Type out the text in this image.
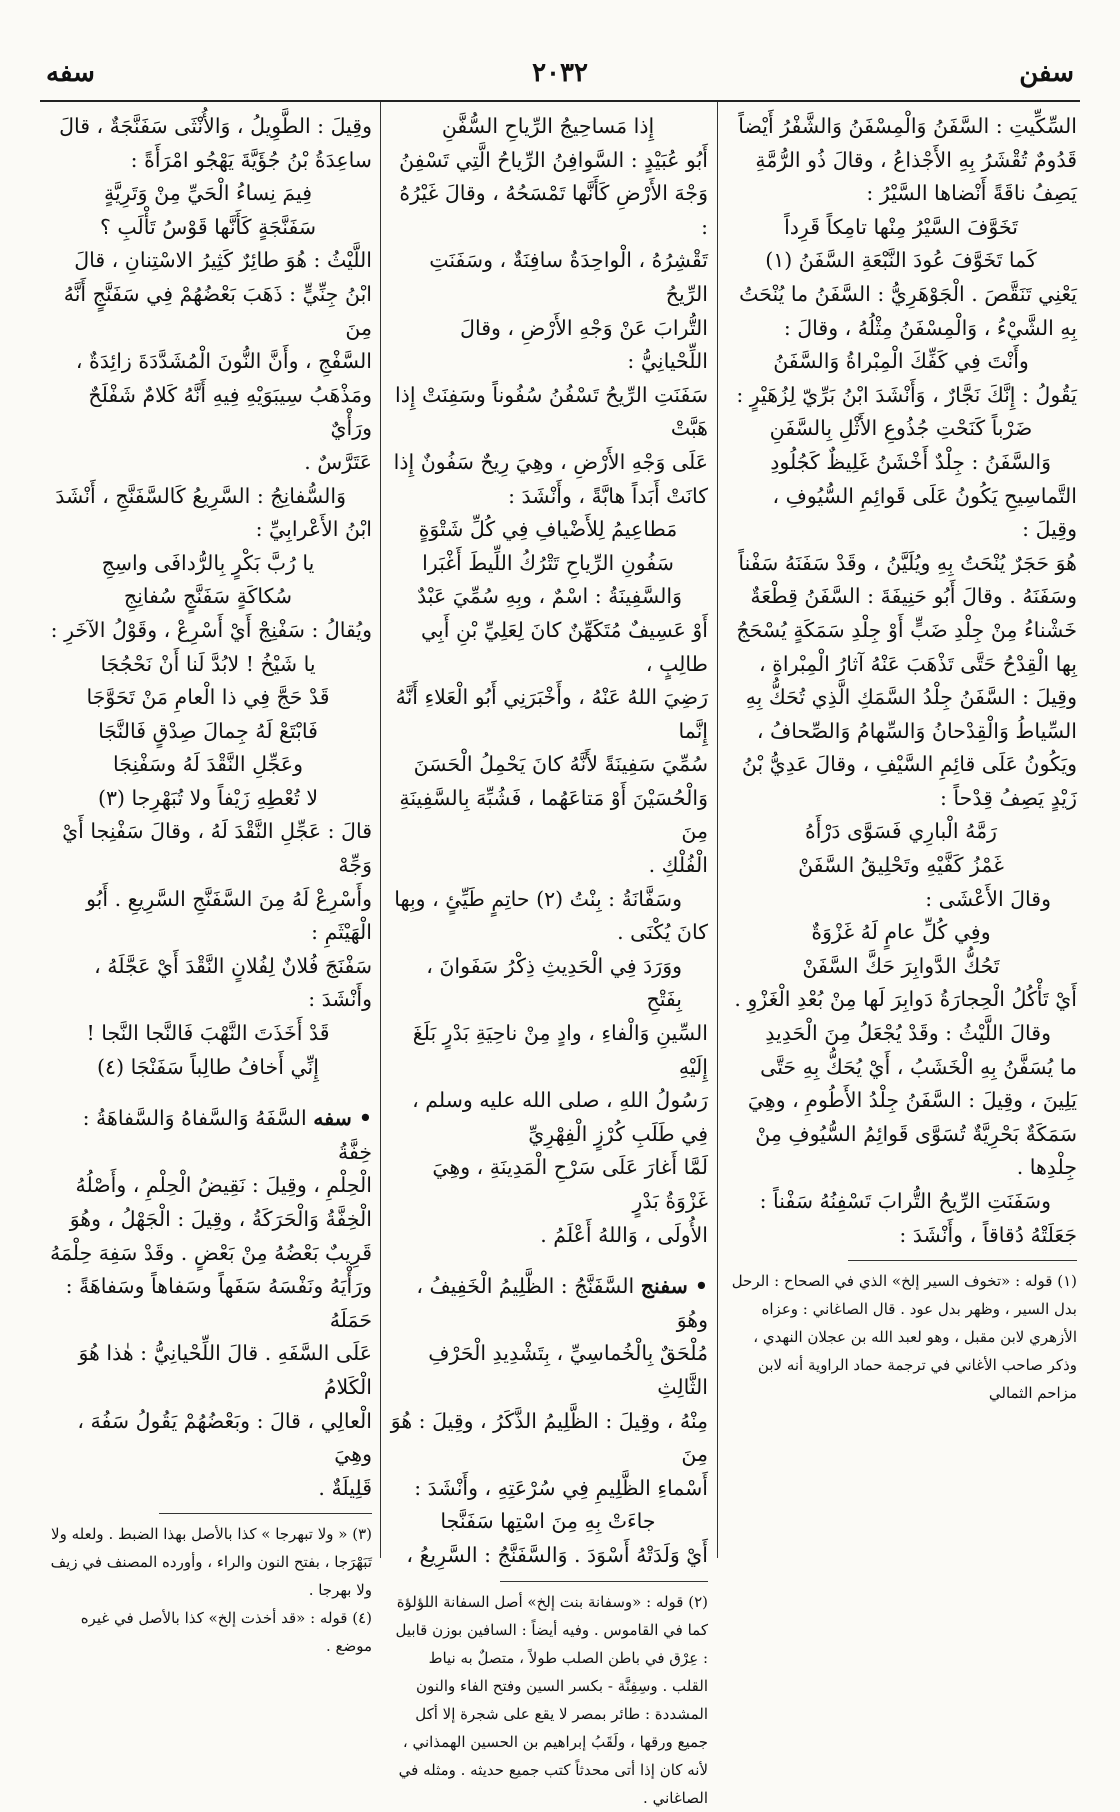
سفن
٢٠٣٢
سفه

السِّكِّيتِ : السَّفَنُ وَالْمِسْفَنُ وَالشَّفْرُ أَيْضاً

قَدُومٌ تُقْشَرُ بِهِ الأَجْذاعُ ، وقالَ ذُو الرُّمَّةِ

يَصِفُ ناقَةً أَنْضاها السَّيْرُ :

تَخَوَّفَ السَّيْرُ مِنْها تامِكاً قَرِداً

كَما تَخَوَّفَ عُودَ النَّبْعَةِ السَّفَنُ (١)

يَعْنِي تَنَقَّصَ . الْجَوْهَرِيُّ : السَّفَنُ ما يُنْحَتُ

بِهِ الشَّيْءُ ، وَالْمِسْفَنُ مِثْلُهُ ، وقالَ :

وأَنْتَ فِي كَفِّكَ الْمِبْراةُ وَالسَّفَنُ

يَقُولُ : إِنَّكَ نَجَّارٌ ، وَأَنْشَدَ ابْنُ بَرِّيّ لِزُهَيْرٍ :

ضَرْباً كَنَحْتِ جُذُوعِ الأَثْلِ بِالسَّفَنِ

وَالسَّفَنُ : جِلْدٌ أَخْشَنُ غَلِيظٌ كَجُلُودِ

التَّماسِيحِ يَكُونُ عَلَى قَوائِمِ السُّيُوفِ ، وقِيلَ :

هُوَ حَجَرٌ يُنْحَتُ بِهِ ويُلَيَّنُ ، وقَدْ سَفَنَهُ سَفْناً

وسَفَنَهُ . وقالَ أَبُو حَنِيفَةَ : السَّفَنُ قِطْعَةٌ

خَشْناءُ مِنْ جِلْدِ ضَبٍّ أَوْ جِلْدِ سَمَكَةٍ يُسْحَجُ

بِها الْقِدْحُ حَتَّى تَذْهَبَ عَنْهُ آثارُ الْمِبْراةِ ،

وقِيلَ : السَّفَنُ جِلْدُ السَّمَكِ الَّذِي تُحَكُّ بِهِ

السِّياطُ وَالْقِدْحانُ وَالسِّهامُ وَالصِّحافُ ،

ويَكُونُ عَلَى قائِمِ السَّيْفِ ، وقالَ عَدِيُّ بْنُ

زَيْدٍ يَصِفُ قِدْحاً :

رَمَّهُ الْبارِي فَسَوَّى دَرْأَهُ

غَمْزُ كَفَّيْهِ وتَحْلِيقُ السَّفَنْ

وقالَ الأَعْشَى :

وفِي كُلِّ عامٍ لَهُ غَزْوَةٌ

تَحُكُّ الدَّوابِرَ حَكَّ السَّفَنْ

أَيْ تَأْكُلُ الْحِجارَةُ دَوابِرَ لَها مِنْ بُعْدِ الْغَزْوِ .

وقالَ اللَّيْثُ : وقَدْ يُجْعَلُ مِنَ الْحَدِيدِ

ما يُسَفَّنُ بِهِ الْخَشَبُ ، أَيْ يُحَكُّ بِهِ حَتَّى

يَلِينَ ، وقِيلَ : السَّفَنُ جِلْدُ الأَطُومِ ، وهِيَ

سَمَكَةٌ بَحْرِيَّةٌ تُسَوَّى قَوائِمُ السُّيُوفِ مِنْ

جِلْدِها .

وسَفَنَتِ الرِّيحُ التُّرابَ تَسْفِنُهُ سَفْناً :

جَعَلَتْهُ دُقاقاً ، وأَنْشَدَ :

(١) قوله : «تخوف السير إلخ» الذي في الصحاح : الرحل بدل السير ، وظهر بدل عود . قال الصاغاني : وعزاه الأزهري لابن مقبل ، وهو لعبد الله بن عجلان النهدي ، وذكر صاحب الأغاني في ترجمة حماد الراوية أنه لابن مزاحم الثمالي

إِذا مَساحِيجُ الرِّياحِ السُّفَّنِ

أَبُو عُبَيْدٍ : السَّوافِنُ الرِّياحُ الَّتِي تَسْفِنُ

وَجْهَ الأَرْضِ كَأَنَّها تَمْسَحُهُ ، وقالَ غَيْرُهُ :

تَقْشِرُهُ ، الْواحِدَةُ سافِنَةٌ ، وسَفَنَتِ الرِّيحُ

التُّرابَ عَنْ وَجْهِ الأَرْضِ ، وقالَ اللِّحْيانِيُّ :

سَفَنَتِ الرِّيحُ تَسْفُنُ سُفُوناً وسَفِنَتْ إِذا هَبَّتْ

عَلَى وَجْهِ الأَرْضِ ، وهِيَ رِيحٌ سَفُونٌ إِذا

كانَتْ أَبَداً هابَّةً ، وأَنْشَدَ :

مَطاعِيمُ لِلأَضْيافِ فِي كُلِّ شَتْوَةٍ

سَفُونِ الرِّياحِ تَتْرُكُ اللِّيطَ أَغْبَرا

وَالسَّفِينَةُ : اسْمٌ ، وبِهِ سُمِّيَ عَبْدٌ

أَوْ عَسِيفٌ مُتَكَهِّنٌ كانَ لِعَلِيِّ بْنِ أَبِي طالِبٍ ،

رَضِيَ اللهُ عَنْهُ ، وأَخْبَرَنِي أَبُو الْعَلاءِ أَنَّهُ إِنَّما

سُمِّيَ سَفِينَةً لأَنَّهُ كانَ يَحْمِلُ الْحَسَنَ

وَالْحُسَيْنَ أَوْ مَتاعَهُما ، فَشُبِّهَ بِالسَّفِينَةِ مِنَ

الْفُلْكِ .

وسَفَّانَةُ : بِنْتُ (٢) حاتِمٍ طَيِّئٍ ، وبِها

كانَ يُكْنَى .

ووَرَدَ فِي الْحَدِيثِ ذِكْرُ سَفَوانَ ، بِفَتْحِ

السِّينِ وَالْفاءِ ، وادٍ مِنْ ناحِيَةِ بَدْرٍ بَلَغَ إِلَيْهِ

رَسُولُ اللهِ ، صلى الله عليه وسلم ، فِي طَلَبِ كُرْزٍ الْفِهْرِيِّ

لَمَّا أَغارَ عَلَى سَرْحِ الْمَدِينَةِ ، وهِيَ غَزْوَةُ بَدْرٍ

الأُولَى ، وَاللهُ أَعْلَمُ .

• سفنج السَّفَنَّجُ : الظَّلِيمُ الْخَفِيفُ ، وهُوَ

مُلْحَقٌ بِالْخُماسِيِّ ، بِتَشْدِيدِ الْحَرْفِ الثَّالِثِ

مِنْهُ ، وقِيلَ : الظَّلِيمُ الذَّكَرُ ، وقِيلَ : هُوَ مِنَ

أَسْماءِ الظَّلِيمِ فِي سُرْعَتِهِ ، وأَنْشَدَ :

جاءَتْ بِهِ مِنَ اسْتِها سَفَنَّجا

أَيْ وَلَدَتْهُ أَسْوَدَ . وَالسَّفَنَّجُ : السَّرِيعُ ،

(٢) قوله : «وسفانة بنت إلخ» أصل السفانة اللؤلؤة كما في القاموس . وفيه أيضاً : السافين بوزن قابيل : عِرْق في باطن الصلب طولاً ، متصلٌ به نياط القلب . وسِفِنَّة - بكسر السين وفتح الفاء والنون المشددة : طائر بمصر لا يقع على شجرة إلا أكل جميع ورقها ، ولَقَبُ إبراهيم بن الحسين الهمذاني ، لأنه كان إذا أتى محدثاً كتب جميع حديثه . ومثله في الصاغاني .

وقِيلَ : الطَّوِيلُ ، وَالأُنْثَى سَفَنَّجَةٌ ، قالَ

ساعِدَةُ بْنُ جُؤَيَّةَ يَهْجُو امْرَأَةً :

فِيمَ نِساءُ الْحَيِّ مِنْ وَتَرِيَّةٍ

سَفَنَّجَةٍ كَأَنَّها قَوْسُ تَأْلَبِ ؟

اللَّيْثُ : هُوَ طائِرٌ كَثِيرُ الاسْتِنانِ ، قالَ

ابْنُ جِنِّيٍّ : ذَهَبَ بَعْضُهُمْ فِي سَفَنَّجٍ أَنَّهُ مِنَ

السَّفْجِ ، وأَنَّ النُّونَ الْمُشَدَّدَةَ زائِدَةٌ ،

ومَذْهَبُ سِيبَوَيْهِ فِيهِ أَنَّهُ كَلامٌ شَفْلَحٌ ورَأْيٌ

عَتَرَّسٌ .

وَالسُّفانِجُ : السَّرِيعُ كَالسَّفَنَّجِ ، أَنْشَدَ

ابْنُ الأَعْرابِيِّ :

يا رُبَّ بَكْرٍ بِالرُّدافَى واسِجِ

سُكاكَةٍ سَفَنَّجٍ سُفانِجِ

ويُقالُ : سَفْنِجْ أَيْ أَسْرِعْ ، وقَوْلُ الآخَرِ :

يا شَيْخُ ! لابُدَّ لَنا أَنْ نَحْجُجَا

قَدْ حَجَّ فِي ذا الْعامِ مَنْ تَحَوَّجَا

فَابْتَعْ لَهُ جِمالَ صِدْقٍ فَالنَّجَا

وعَجِّلِ النَّقْدَ لَهُ وسَفْنِجَا

لا تُعْطِهِ زَيْفاً ولا تُبَهْرِجا (٣)

قالَ : عَجِّلِ النَّقْدَ لَهُ ، وقالَ سَفْنِجا أَيْ وَجِّهْ

وأَسْرِعْ لَهُ مِنَ السَّفَنَّجِ السَّرِيعِ . أَبُو الْهَيْثَمِ :

سَفْنَجَ فُلانٌ لِفُلانٍ النَّقْدَ أَيْ عَجَّلَهُ ، وأَنْشَدَ :

قَدْ أَخَذَتَ النَّهْبَ فَالنَّجا النَّجا !

إِنِّي أَخافُ طالِباً سَفَنْجَا (٤)

• سفه السَّفَهُ وَالسَّفاهُ وَالسَّفاهَةُ : خِفَّةُ

الْحِلْمِ ، وقِيلَ : نَقِيضُ الْحِلْمِ ، وأَصْلُهُ

الْخِفَّةُ وَالْحَرَكَةُ ، وقِيلَ : الْجَهْلُ ، وهُوَ

قَرِيبٌ بَعْضُهُ مِنْ بَعْضٍ . وقَدْ سَفِهَ حِلْمَهُ

ورَأْيَهُ ونَفْسَهُ سَفَهاً وسَفاهاً وسَفاهَةً : حَمَلَهُ

عَلَى السَّفَهِ . قالَ اللِّحْيانِيُّ : هٰذا هُوَ الْكَلامُ

الْعالِي ، قالَ : وبَعْضُهُمْ يَقُولُ سَفُهَ ، وهِيَ

قَلِيلَةٌ .

(٣) « ولا تبهرجا » كذا بالأصل بهذا الضبط . ولعله ولا تَبَهْرَجا ، بفتح النون والراء ، وأورده المصنف في زيف ولا بهرجا .

(٤) قوله : «قد أخذت إلخ» كذا بالأصل في غيره موضع .
